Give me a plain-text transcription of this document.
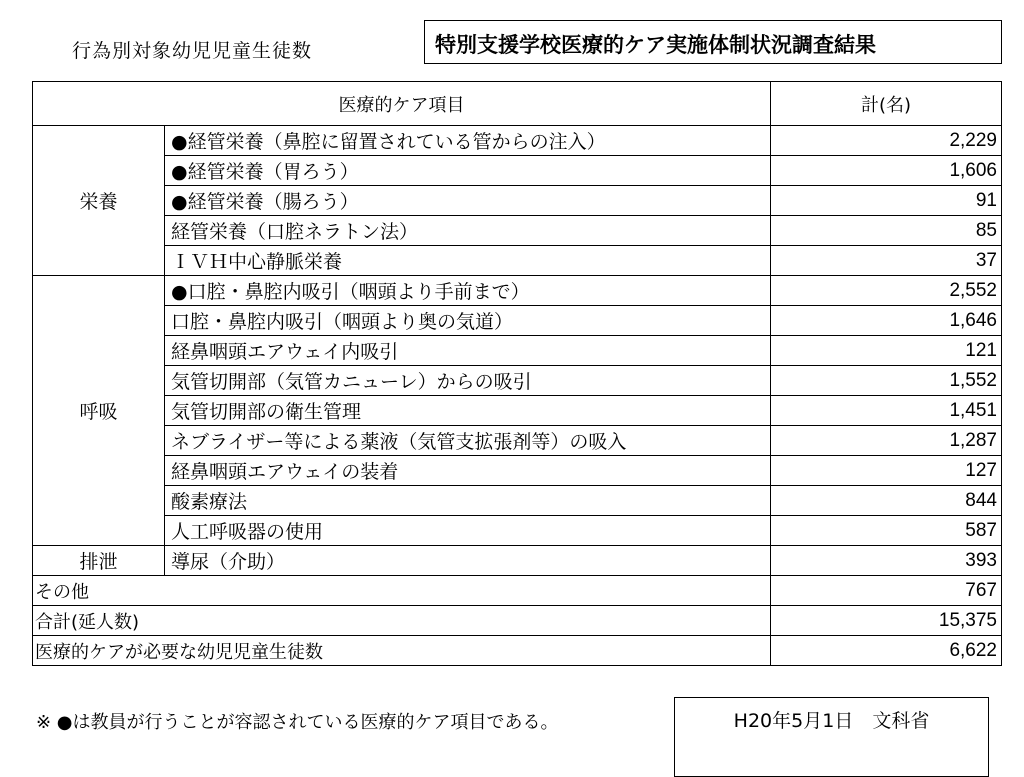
行為別対象幼児児童生徒数	特別支援学校医療的ケア実施体制状況調査結果
医療的ケア項目		計(名)
栄養	●経管栄養（鼻腔に留置されている管からの注入）	2,229
	●経管栄養（胃ろう）	1,606
	●経管栄養（腸ろう）	91
	経管栄養（口腔ネラトン法）	85
	ＩＶＨ中心静脈栄養	37
呼吸	●口腔・鼻腔内吸引（咽頭より手前まで）	2,552
	口腔・鼻腔内吸引（咽頭より奥の気道）	1,646
	経鼻咽頭エアウェイ内吸引	121
	気管切開部（気管カニューレ）からの吸引	1,552
	気管切開部の衛生管理	1,451
	ネブライザー等による薬液（気管支拡張剤等）の吸入	1,287
	経鼻咽頭エアウェイの装着	127
	酸素療法	844
	人工呼吸器の使用	587
排泄	導尿（介助）	393
その他		767
合計(延人数)		15,375
医療的ケアが必要な幼児児童生徒数		6,622
※ ●は教員が行うことが容認されている医療的ケア項目である。	H20年5月1日　文科省
